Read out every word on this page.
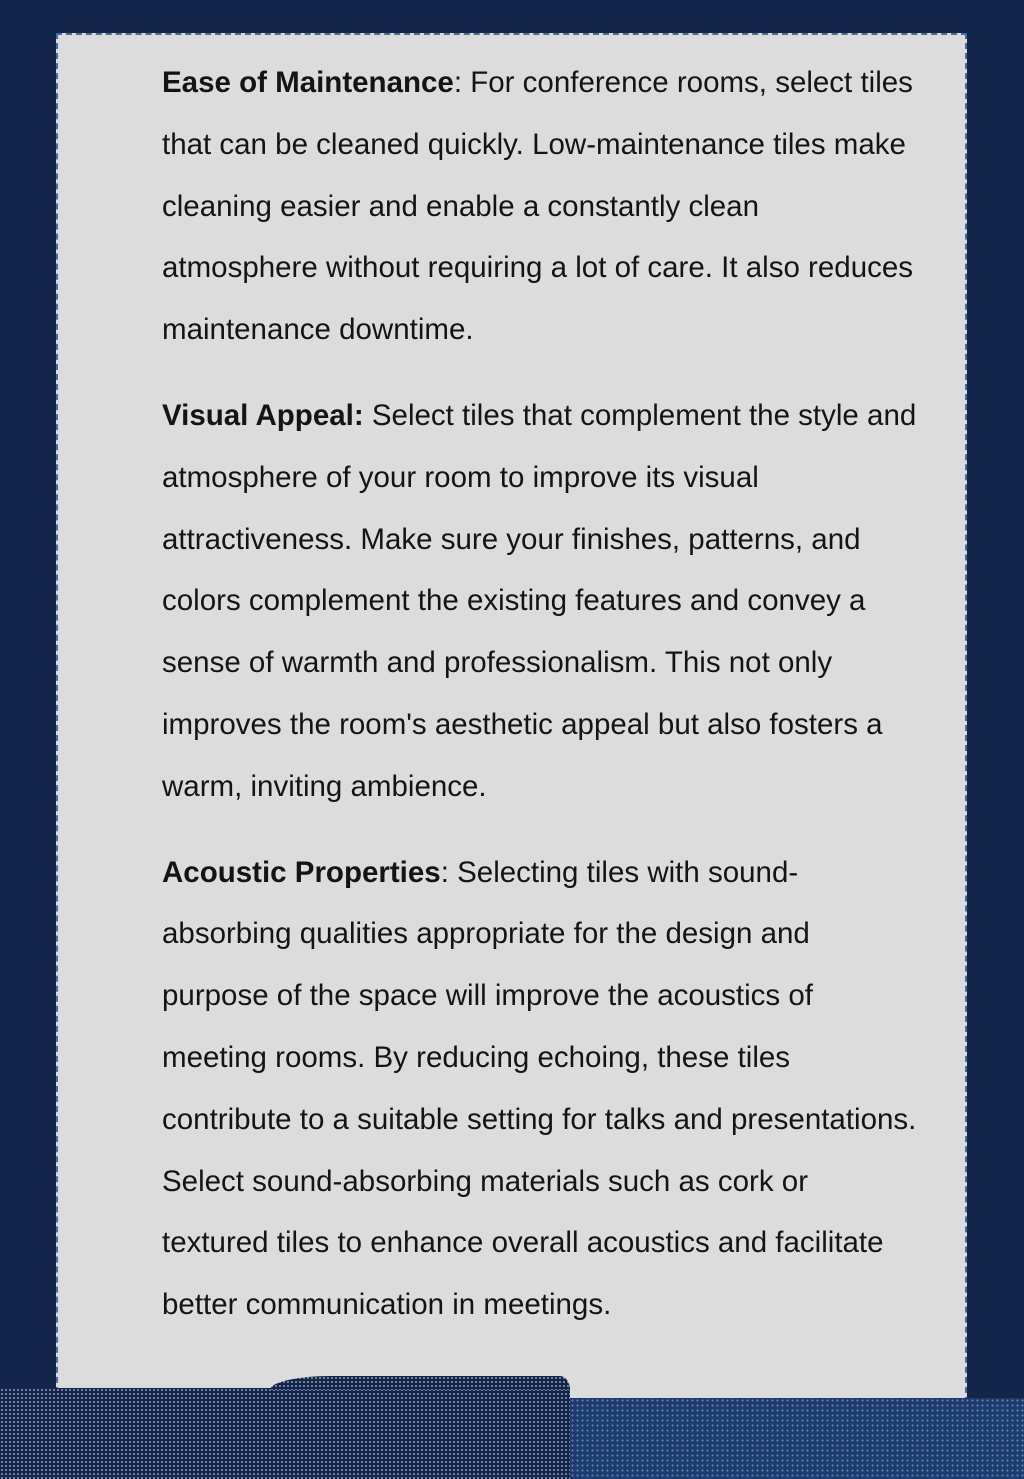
Ease of Maintenance: For conference rooms, select tiles that can be cleaned quickly. Low-maintenance tiles make cleaning easier and enable a constantly clean atmosphere without requiring a lot of care. It also reduces maintenance downtime.

Visual Appeal: Select tiles that complement the style and atmosphere of your room to improve its visual attractiveness. Make sure your finishes, patterns, and colors complement the existing features and convey a sense of warmth and professionalism. This not only improves the room's aesthetic appeal but also fosters a warm, inviting ambience.

Acoustic Properties: Selecting tiles with sound-absorbing qualities appropriate for the design and purpose of the space will improve the acoustics of meeting rooms. By reducing echoing, these tiles contribute to a suitable setting for talks and presentations. Select sound-absorbing materials such as cork or textured tiles to enhance overall acoustics and facilitate better communication in meetings.
